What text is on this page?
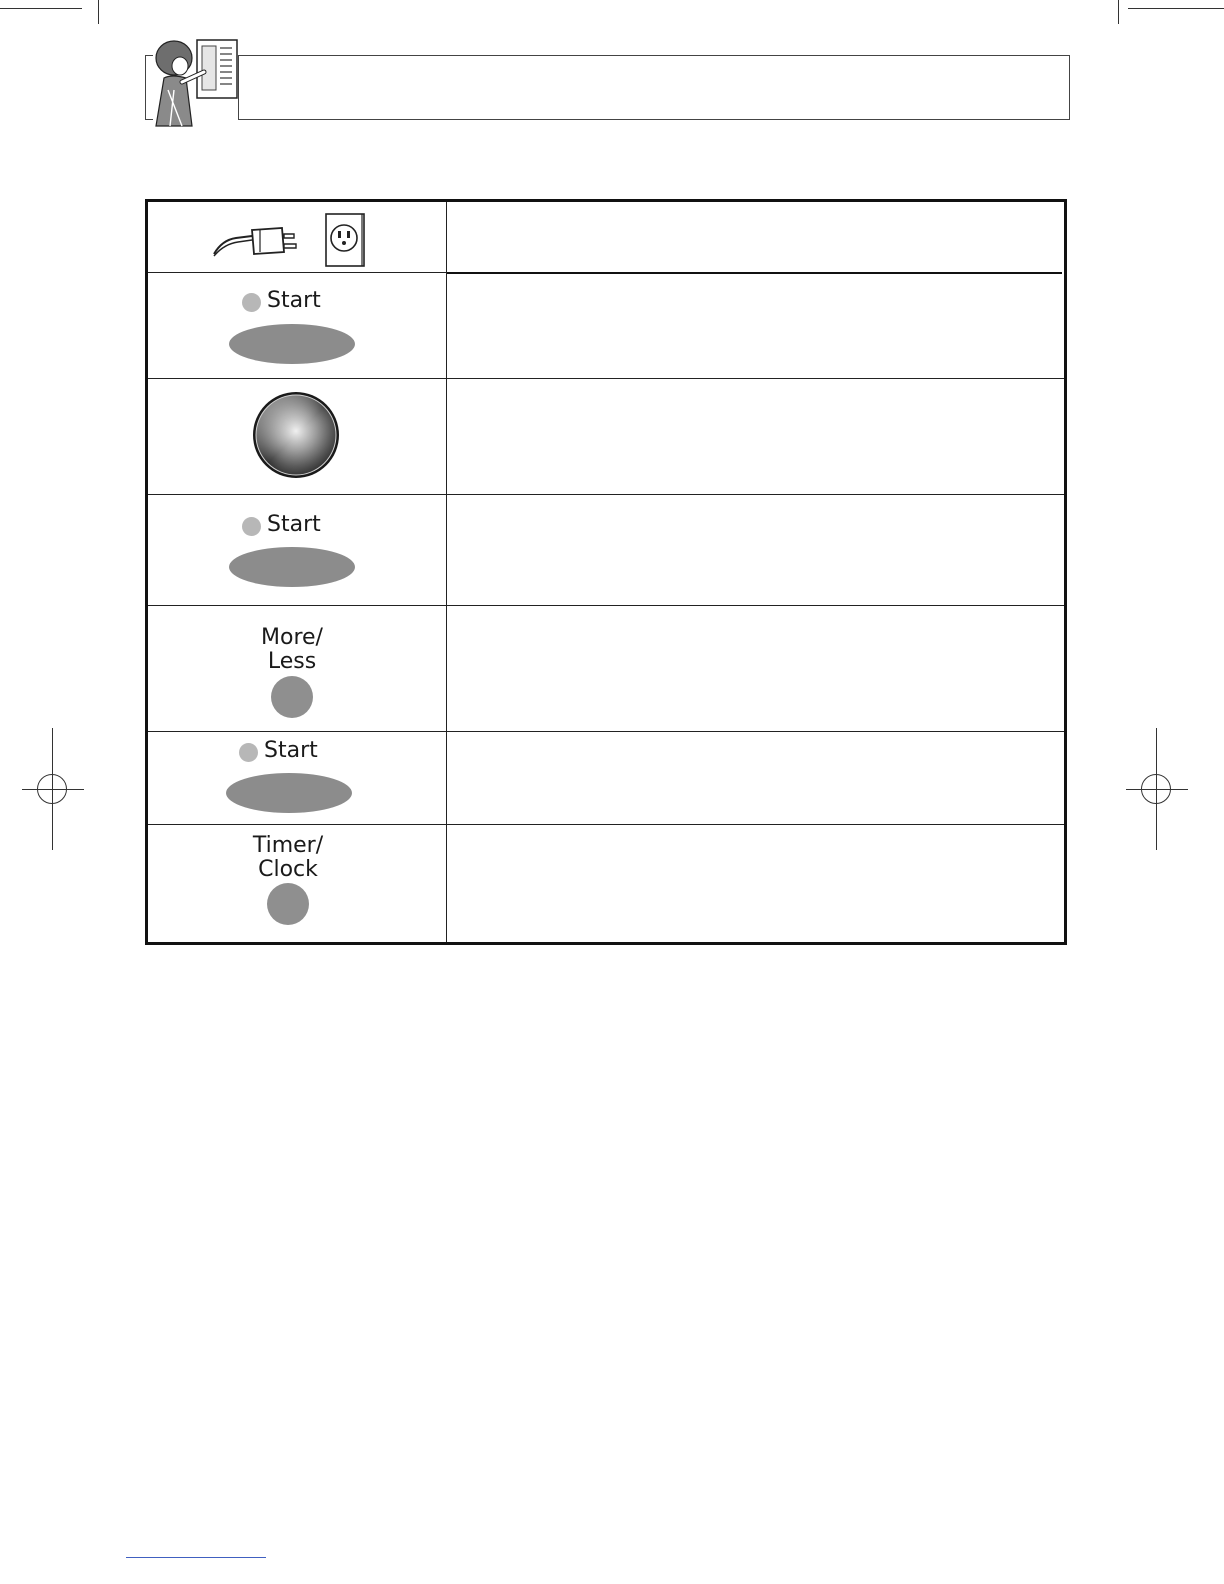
Start
Start
More/
Less
Start
Timer/
Clock
